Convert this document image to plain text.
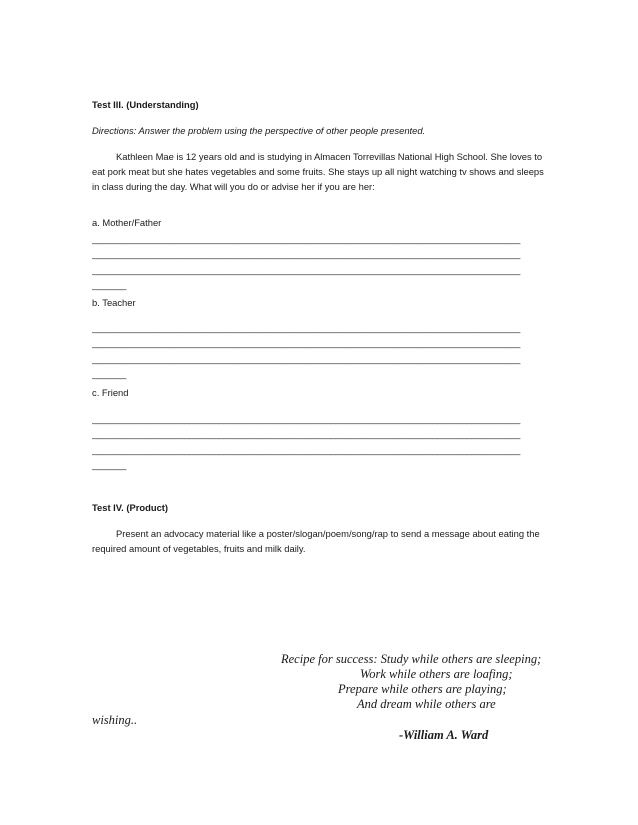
Test III. (Understanding)

Directions: Answer the problem using the perspective of other people presented.

Kathleen Mae is 12 years old and is studying in Almacen Torrevillas National High School. She loves to eat pork meat but she hates vegetables and some fruits. She stays up all night watching tv shows and sleeps in class during the day. What will you do or advise her if you are her:

a. Mother/Father

________________________________________________________________________________________
________________________________________________________________________________________
________________________________________________________________________________________
_______

b. Teacher

________________________________________________________________________________________
________________________________________________________________________________________
________________________________________________________________________________________
_______

c. Friend

________________________________________________________________________________________
________________________________________________________________________________________
________________________________________________________________________________________
_______

Test IV. (Product)

Present an advocacy material like a poster/slogan/poem/song/rap to send a message about eating the required amount of vegetables, fruits and milk daily.

Recipe for success: Study while others are sleeping;
Work while others are loafing;
Prepare while others are playing;
And dream while others are
wishing..
-William A. Ward
